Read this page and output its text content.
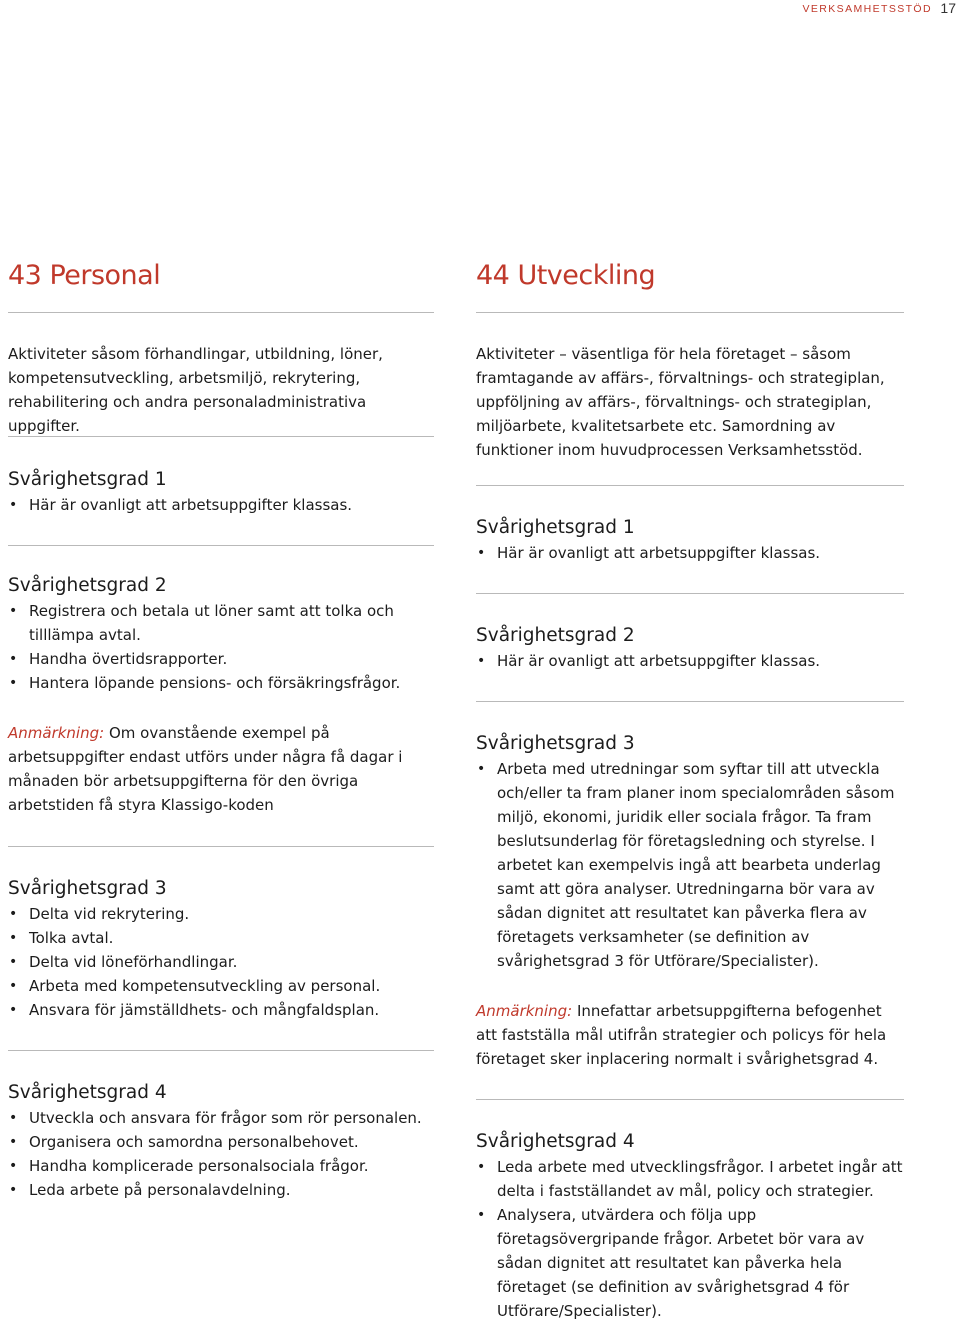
VERKSAMHETSSTÖD 17
43 Personal

Aktiviteter såsom förhandlingar, utbildning, löner, kompetensutveckling, arbetsmiljö, rekrytering, rehabilitering och andra personaladministrativa uppgifter.

Svårighetsgrad 1
• Här är ovanligt att arbetsuppgifter klassas.
Svårighetsgrad 2
• Registrera och betala ut löner samt att tolka och tilllämpa avtal.
• Handha övertidsrapporter.
• Hantera löpande pensions- och försäkringsfrågor.

Anmärkning: Om ovanstående exempel på arbetsuppgifter endast utförs under några få dagar i månaden bör arbetsuppgifterna för den övriga arbetstiden få styra Klassigo-koden

Svårighetsgrad 3
• Delta vid rekrytering.
• Tolka avtal.
• Delta vid löneförhandlingar.
• Arbeta med kompetensutveckling av personal.
• Ansvara för jämställdhets- och mångfaldsplan.
Svårighetsgrad 4
• Utveckla och ansvara för frågor som rör personalen.
• Organisera och samordna personalbehovet.
• Handha komplicerade personalsociala frågor.
• Leda arbete på personalavdelning.
44 Utveckling

Aktiviteter – väsentliga för hela företaget – såsom framtagande av affärs-, förvaltnings- och strategiplan, uppföljning av affärs-, förvaltnings- och strategiplan, miljöarbete, kvalitetsarbete etc. Samordning av funktioner inom huvudprocessen Verksamhetsstöd.

Svårighetsgrad 1
• Här är ovanligt att arbetsuppgifter klassas.
Svårighetsgrad 2
• Här är ovanligt att arbetsuppgifter klassas.
Svårighetsgrad 3
• Arbeta med utredningar som syftar till att utveckla och/eller ta fram planer inom specialområden såsom miljö, ekonomi, juridik eller sociala frågor. Ta fram beslutsunderlag för företagsledning och styrelse. I arbetet kan exempelvis ingå att bearbeta underlag samt att göra analyser. Utredningarna bör vara av sådan dignitet att resultatet kan påverka flera av företagets verksamheter (se definition av svårighetsgrad 3 för Utförare/Specialister).

Anmärkning: Innefattar arbetsuppgifterna befogenhet att fastställa mål utifrån strategier och policys för hela företaget sker inplacering normalt i svårighetsgrad 4.

Svårighetsgrad 4
• Leda arbete med utvecklingsfrågor. I arbetet ingår att delta i fastställandet av mål, policy och strategier.
• Analysera, utvärdera och följa upp företagsövergripande frågor. Arbetet bör vara av sådan dignitet att resultatet kan påverka hela företaget (se definition av svårighetsgrad 4 för Utförare/Specialister).
